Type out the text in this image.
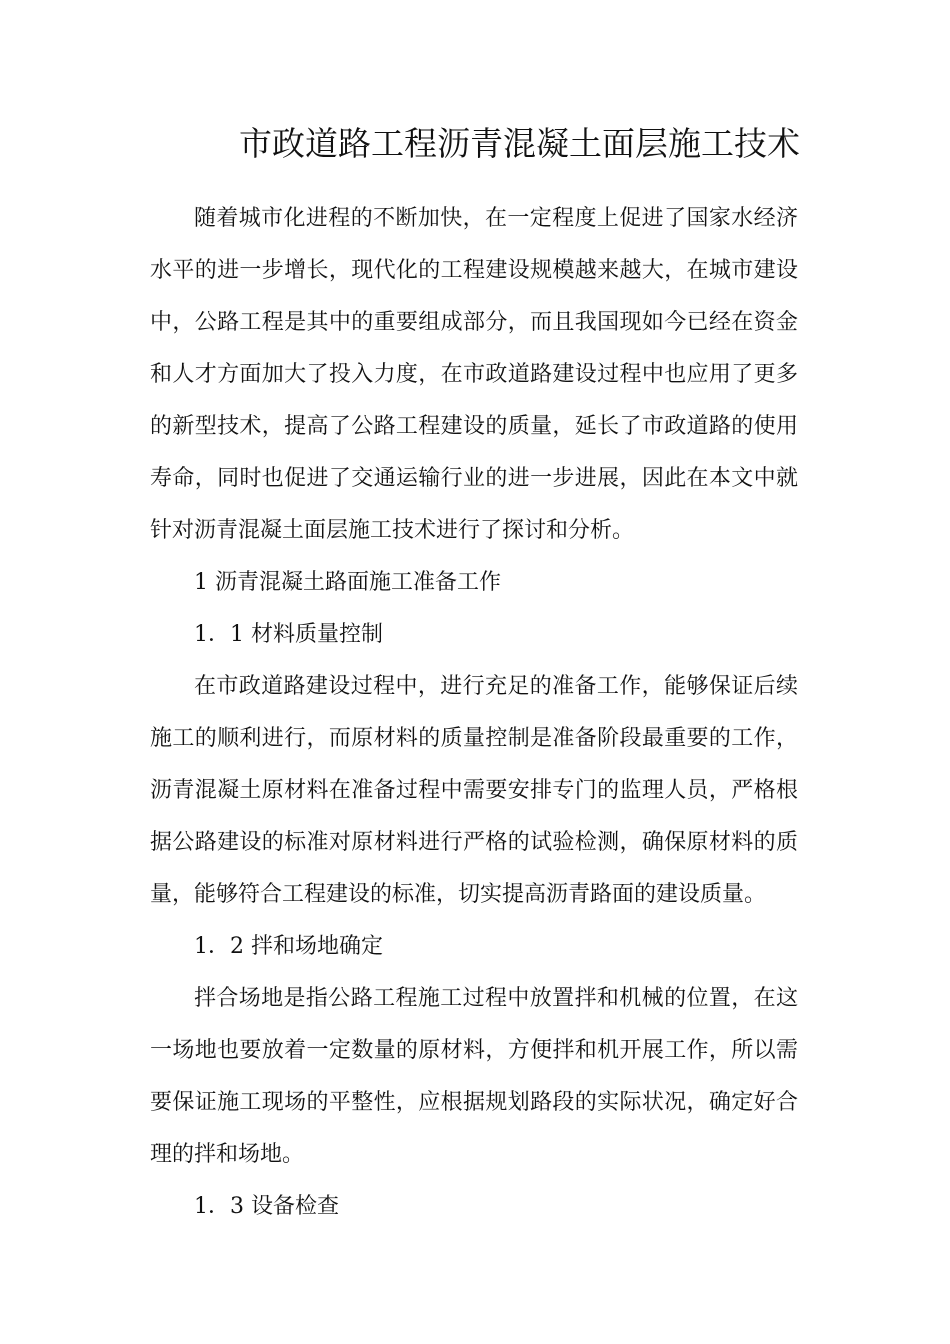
市政道路工程沥青混凝土面层施工技术

随着城市化进程的不断加快，在一定程度上促进了国家水经济水平的进一步增长，现代化的工程建设规模越来越大，在城市建设中，公路工程是其中的重要组成部分，而且我国现如今已经在资金和人才方面加大了投入力度，在市政道路建设过程中也应用了更多的新型技术，提高了公路工程建设的质量，延长了市政道路的使用寿命，同时也促进了交通运输行业的进一步进展，因此在本文中就针对沥青混凝土面层施工技术进行了探讨和分析。

1 沥青混凝土路面施工准备工作

1．1 材料质量控制

在市政道路建设过程中，进行充足的准备工作，能够保证后续施工的顺利进行，而原材料的质量控制是准备阶段最重要的工作，沥青混凝土原材料在准备过程中需要安排专门的监理人员，严格根据公路建设的标准对原材料进行严格的试验检测，确保原材料的质量，能够符合工程建设的标准，切实提高沥青路面的建设质量。

1．2 拌和场地确定

拌合场地是指公路工程施工过程中放置拌和机械的位置，在这一场地也要放着一定数量的原材料，方便拌和机开展工作，所以需要保证施工现场的平整性，应根据规划路段的实际状况，确定好合理的拌和场地。

1．3 设备检查
